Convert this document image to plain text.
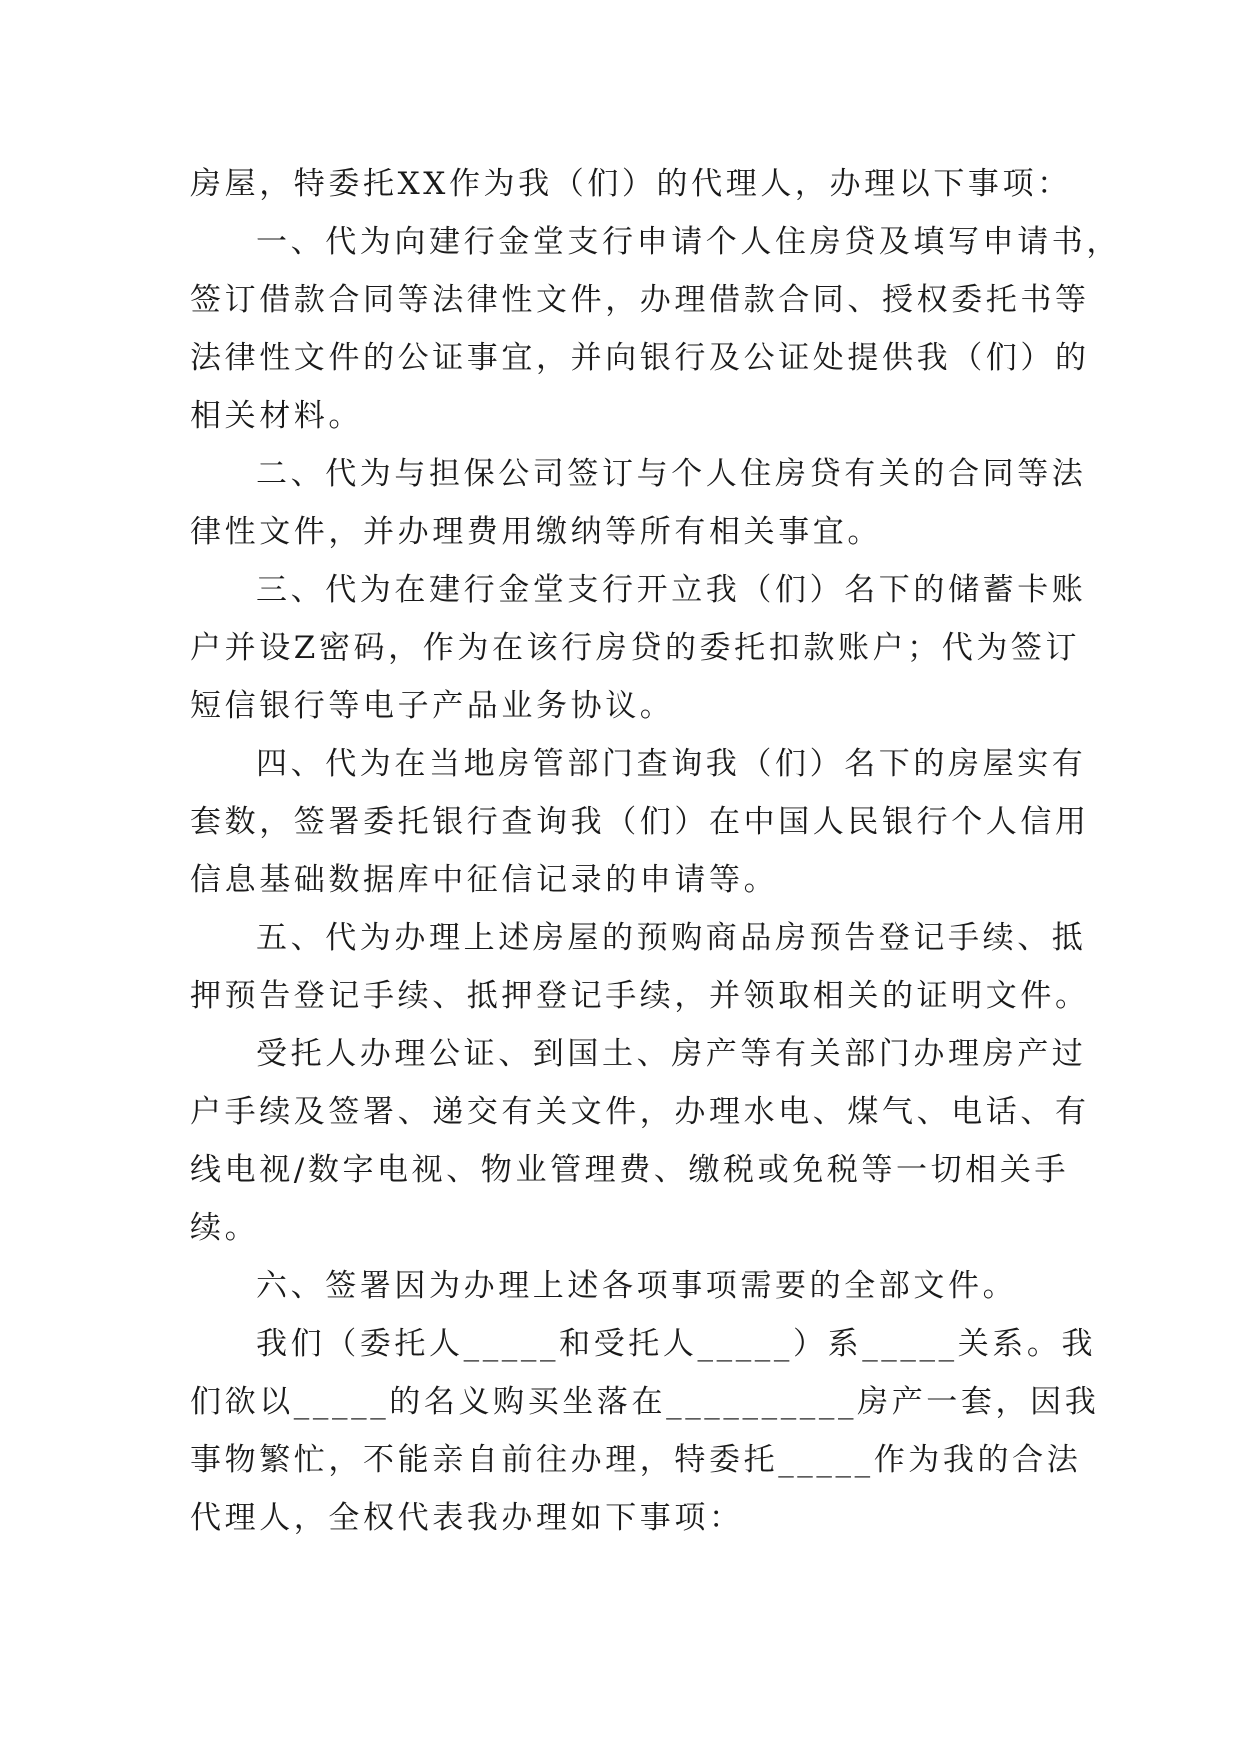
房屋，特委托XX作为我（们）的代理人，办理以下事项：
一、代为向建行金堂支行申请个人住房贷及填写申请书，
签订借款合同等法律性文件，办理借款合同、授权委托书等
法律性文件的公证事宜，并向银行及公证处提供我（们）的
相关材料。
二、代为与担保公司签订与个人住房贷有关的合同等法
律性文件，并办理费用缴纳等所有相关事宜。
三、代为在建行金堂支行开立我（们）名下的储蓄卡账
户并设Z密码，作为在该行房贷的委托扣款账户；代为签订
短信银行等电子产品业务协议。
四、代为在当地房管部门查询我（们）名下的房屋实有
套数，签署委托银行查询我（们）在中国人民银行个人信用
信息基础数据库中征信记录的申请等。
五、代为办理上述房屋的预购商品房预告登记手续、抵
押预告登记手续、抵押登记手续，并领取相关的证明文件。
受托人办理公证、到国土、房产等有关部门办理房产过
户手续及签署、递交有关文件，办理水电、煤气、电话、有
线电视/数字电视、物业管理费、缴税或免税等一切相关手
续。
六、签署因为办理上述各项事项需要的全部文件。
我们（委托人_____和受托人_____）系_____关系。我
们欲以_____的名义购买坐落在__________房产一套，因我
事物繁忙，不能亲自前往办理，特委托_____作为我的合法
代理人，全权代表我办理如下事项：
